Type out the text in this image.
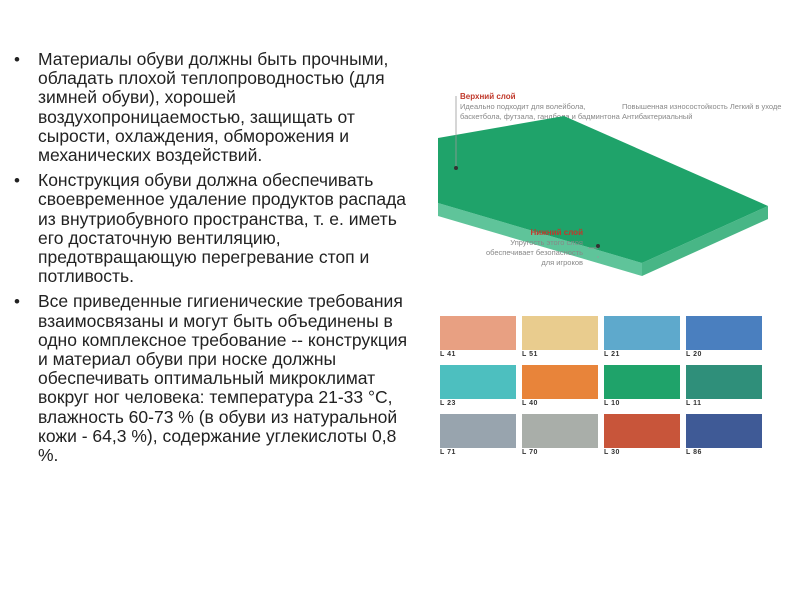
• Материалы обуви должны быть прочными, обладать плохой теплопроводностью (для зимней обуви), хорошей воздухопроницаемостью, защищать от сырости, охлаждения, обморожения и механических воздействий.
• Конструкция обуви должна обеспечивать своевременное удаление продуктов распада из внутриобувного пространства, т. е. иметь его достаточную вентиляцию, предотвращающую перегревание стоп и потливость.
• Все приведенные гигиенические требования взаимосвязаны и могут быть объединены в одно комплексное требование -- конструкция и материал обуви при носке должны обеспечивать оптимальный микроклимат вокруг ног человека: температура 21-33 °С, влажность 60-73 % (в обуви из натуральной кожи - 64,3 %), содержание углекислоты 0,8 %.
Верхний слой
Идеально подходит для волейбола, баскетбола, футзала, гандбола и бадминтона
Повышенная износостойкость Легкий в уходе Антибактериальный
Нижний слой
Упругость этого слоя обеспечивает безопасность для игроков
L 41	L 51	L 21	L 20
L 23	L 40	L 10	L 11
L 71	L 70	L 30	L 86
